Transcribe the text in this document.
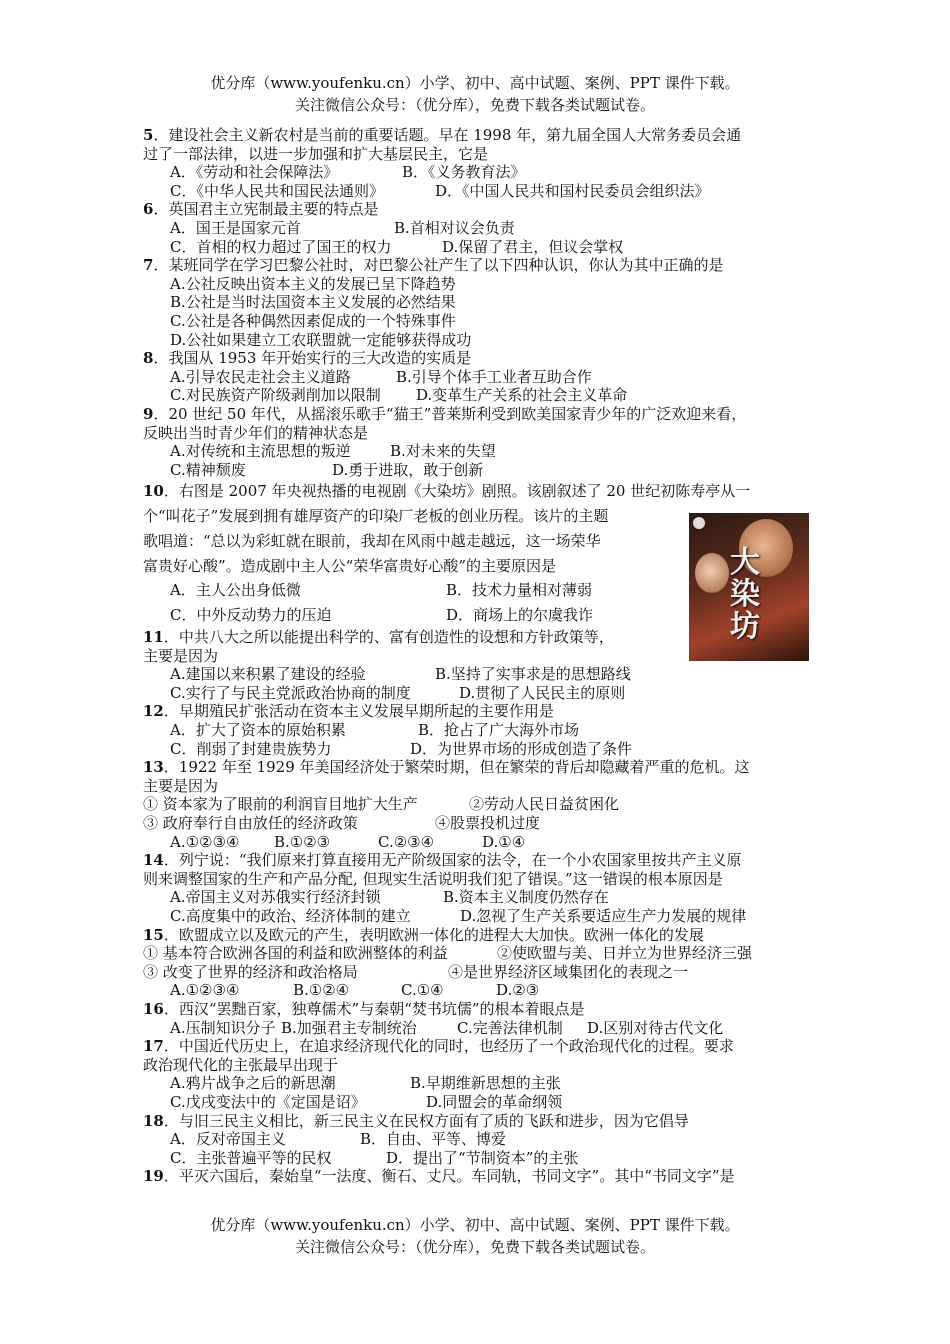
优分库（www.youfenku.cn）小学、初中、高中试题、案例、PPT 课件下载。
关注微信公众号：（优分库），免费下载各类试题试卷。
5．建设社会主义新农村是当前的重要话题。早在 1998 年，第九届全国人大常务委员会通
过了一部法律，以进一步加强和扩大基层民主，它是
A．《劳动和社会保障法》	B．《义务教育法》
C．《中华人民共和国民法通则》	D．《中国人民共和国村民委员会组织法》
6．英国君主立宪制最主要的特点是
A．国王是国家元首	B.首相对议会负责
C．首相的权力超过了国王的权力	D.保留了君主，但议会掌权
7．某班同学在学习巴黎公社时，对巴黎公社产生了以下四种认识，你认为其中正确的是
A.公社反映出资本主义的发展已呈下降趋势
B.公社是当时法国资本主义发展的必然结果
C.公社是各种偶然因素促成的一个特殊事件
D.公社如果建立工农联盟就一定能够获得成功
8．我国从 1953 年开始实行的三大改造的实质是
A.引导农民走社会主义道路	B.引导个体手工业者互助合作
C.对民族资产阶级剥削加以限制 D.变革生产关系的社会主义革命
9．20 世纪 50 年代，从摇滚乐歌手“猫王”普莱斯利受到欧美国家青少年的广泛欢迎来看，
反映出当时青少年们的精神状态是
A.对传统和主流思想的叛逆	B.对未来的失望
C.精神颓废	D.勇于进取，敢于创新
10．右图是 2007 年央视热播的电视剧《大染坊》剧照。该剧叙述了 20 世纪初陈寿亭从一
个“叫花子”发展到拥有雄厚资产的印染厂老板的创业历程。该片的主题
歌唱道：“总以为彩虹就在眼前，我却在风雨中越走越远，这一场荣华
富贵好心酸”。造成剧中主人公“荣华富贵好心酸”的主要原因是
A．主人公出身低微	B．技术力量相对薄弱
C．中外反动势力的压迫	D．商场上的尔虞我诈
大染坊
11．中共八大之所以能提出科学的、富有创造性的设想和方针政策等，
主要是因为
A.建国以来积累了建设的经验	B.坚持了实事求是的思想路线
C.实行了与民主党派政治协商的制度	D.贯彻了人民民主的原则
12．早期殖民扩张活动在资本主义发展早期所起的主要作用是
A．扩大了资本的原始积累	B．抢占了广大海外市场
C．削弱了封建贵族势力	D．为世界市场的形成创造了条件
13．1922 年至 1929 年美国经济处于繁荣时期，但在繁荣的背后却隐藏着严重的危机。这
主要是因为
① 资本家为了眼前的利润盲目地扩大生产	②劳动人民日益贫困化
③ 政府奉行自由放任的经济政策	④股票投机过度
A.①②③④ B.①②③	C.②③④	D.①④
14．列宁说：“我们原来打算直接用无产阶级国家的法令，在一个小农国家里按共产主义原
则来调整国家的生产和产品分配, 但现实生活说明我们犯了错误。”这一错误的根本原因是
A.帝国主义对苏俄实行经济封锁	B.资本主义制度仍然存在
C.高度集中的政治、经济体制的建立	D.忽视了生产关系要适应生产力发展的规律
15．欧盟成立以及欧元的产生，表明欧洲一体化的进程大大加快。欧洲一体化的发展
① 基本符合欧洲各国的利益和欧洲整体的利益	②使欧盟与美、日并立为世界经济三强
③ 改变了世界的经济和政治格局	④是世界经济区域集团化的表现之一
A.①②③④	B.①②④	C.①④	D.②③
16．西汉“罢黜百家，独尊儒术”与秦朝“焚书坑儒”的根本着眼点是
A.压制知识分子 B.加强君主专制统治	C.完善法律机制 D.区别对待古代文化
17．中国近代历史上，在追求经济现代化的同时，也经历了一个政治现代化的过程。要求
政治现代化的主张最早出现于
A.鸦片战争之后的新思潮	B.早期维新思想的主张
C.戊戌变法中的《定国是诏》	D.同盟会的革命纲领
18．与旧三民主义相比，新三民主义在民权方面有了质的飞跃和进步，因为它倡导
A．反对帝国主义	B．自由、平等、博爱
C．主张普遍平等的民权	D．提出了“节制资本”的主张
19．平灭六国后，秦始皇“一法度、衡石、丈尺。车同轨，书同文字”。其中“书同文字”是
优分库（www.youfenku.cn）小学、初中、高中试题、案例、PPT 课件下载。
关注微信公众号：（优分库），免费下载各类试题试卷。
